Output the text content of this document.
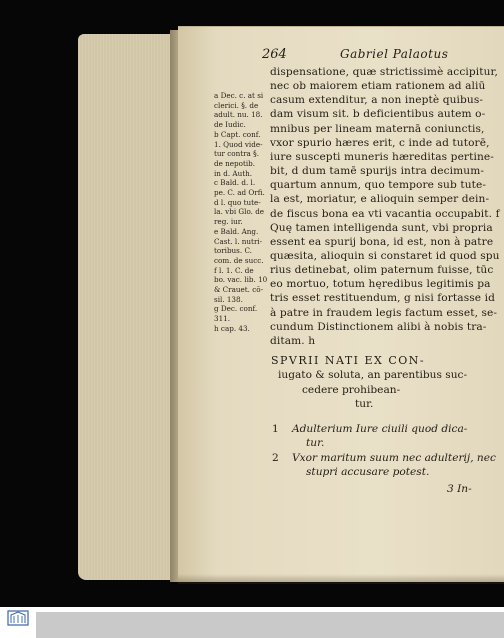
264	Gabriel Palaotus
dispensatione, quæ strictissimè accipitur,
nec ob maiorem etiam rationem ad aliū
casum extenditur, a non ineptè quibus-
dam visum sit. b deficientibus autem o-
mnibus per lineam maternā coniunctis,
vxor spurio hæres erit, c inde ad tutorē,
iure suscepti muneris hæreditas pertine-
bit, d dum tamē spurijs intra decimum-
quartum annum, quo tempore sub tute-
la est, moriatur, e alioquin semper dein-
de fiscus bona ea vti vacantia occupabit. f
Quę tamen intelligenda sunt, vbi propria
essent ea spurij bona, id est, non à patre
quæsita, alioquin si constaret id quod spu
rius detinebat, olim paternum fuisse, tūc
eo mortuo, totum hęredibus legitimis pa
tris esset restituendum, g nisi fortasse id
à patre in fraudem legis factum esset, se-
cundum Distinctionem alibi à nobis tra-
ditam. h
a Dec. c. at si
clerici. §. de
adult. nu. 18.
de Iudic.
b Capt. conf.
1. Quod vide-
tur contra §.
de nepotib.
in d. Auth.
c Bald. d. l.
pe. C. ad Orfi.
d l. quo tute-
la. vbi Glo. de
reg. iur.
e Bald. Ang.
Cast. l. nutri-
toribus. C.
com. de succ.
f l. 1. C. de
bo. vac. lib. 10
& Crauet. cō-
sil. 138.
g Dec. conf.
311.
h cap. 43.
SPVRII NATI EX CON-
iugato & soluta, an parentibus suc-
cedere prohibean-
tur.
1 Adulterium Iure ciuili quod dica-
tur.
2 Vxor maritum suum nec adulterij, nec
stupri accusare potest.
3 In-
